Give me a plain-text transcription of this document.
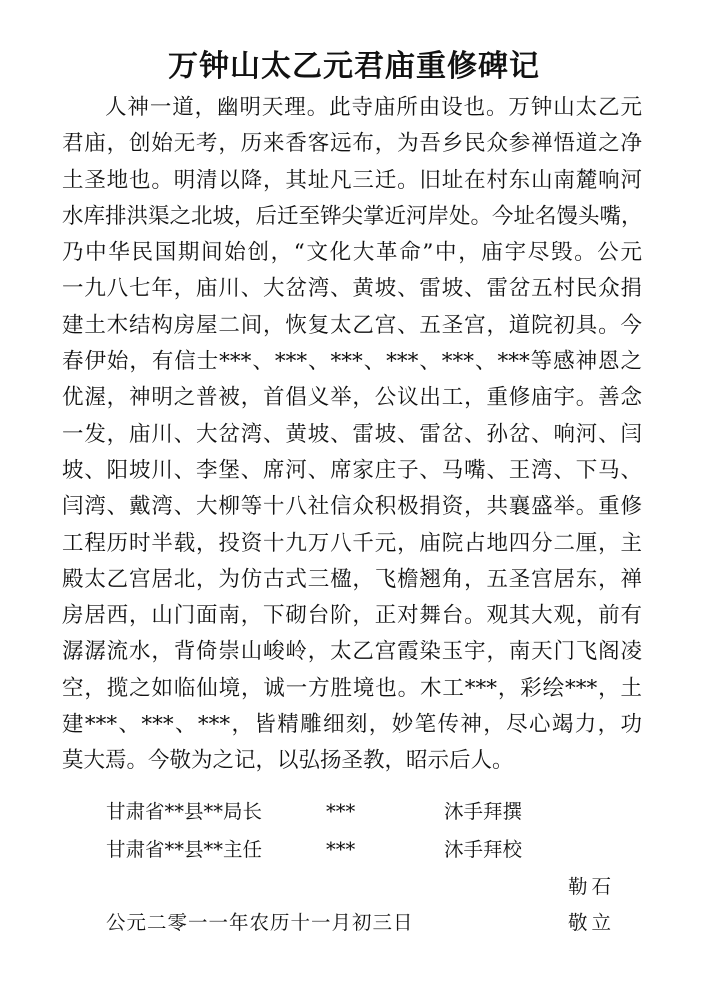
万钟山太乙元君庙重修碑记
人神一道，幽明天理。此寺庙所由设也。万钟山太乙元
君庙，创始无考，历来香客远布，为吾乡民众参禅悟道之净
土圣地也。明清以降，其址凡三迁。旧址在村东山南麓响河
水库排洪渠之北坡，后迁至铧尖掌近河岸处。今址名馒头嘴，
乃中华民国期间始创，“文化大革命”中，庙宇尽毁。公元
一九八七年，庙川、大岔湾、黄坡、雷坡、雷岔五村民众捐
建土木结构房屋二间，恢复太乙宫、五圣宫，道院初具。今
春伊始，有信士***、***、***、***、***、***等感神恩之
优渥，神明之普被，首倡义举，公议出工，重修庙宇。善念
一发，庙川、大岔湾、黄坡、雷坡、雷岔、孙岔、响河、闫
坡、阳坡川、李堡、席河、席家庄子、马嘴、王湾、下马、
闫湾、戴湾、大柳等十八社信众积极捐资，共襄盛举。重修
工程历时半载，投资十九万八千元，庙院占地四分二厘，主
殿太乙宫居北，为仿古式三楹，飞檐翘角，五圣宫居东，禅
房居西，山门面南，下砌台阶，正对舞台。观其大观，前有
潺潺流水，背倚崇山峻岭，太乙宫霞染玉宇，南天门飞阁凌
空，揽之如临仙境，诚一方胜境也。木工***，彩绘***，土
建***、***、***，皆精雕细刻，妙笔传神，尽心竭力，功
莫大焉。今敬为之记，以弘扬圣教，昭示后人。
甘肃省**县**局长	***	沐手拜撰
甘肃省**县**主任	***	沐手拜校
勒石
公元二零一一年农历十一月初三日	敬立
